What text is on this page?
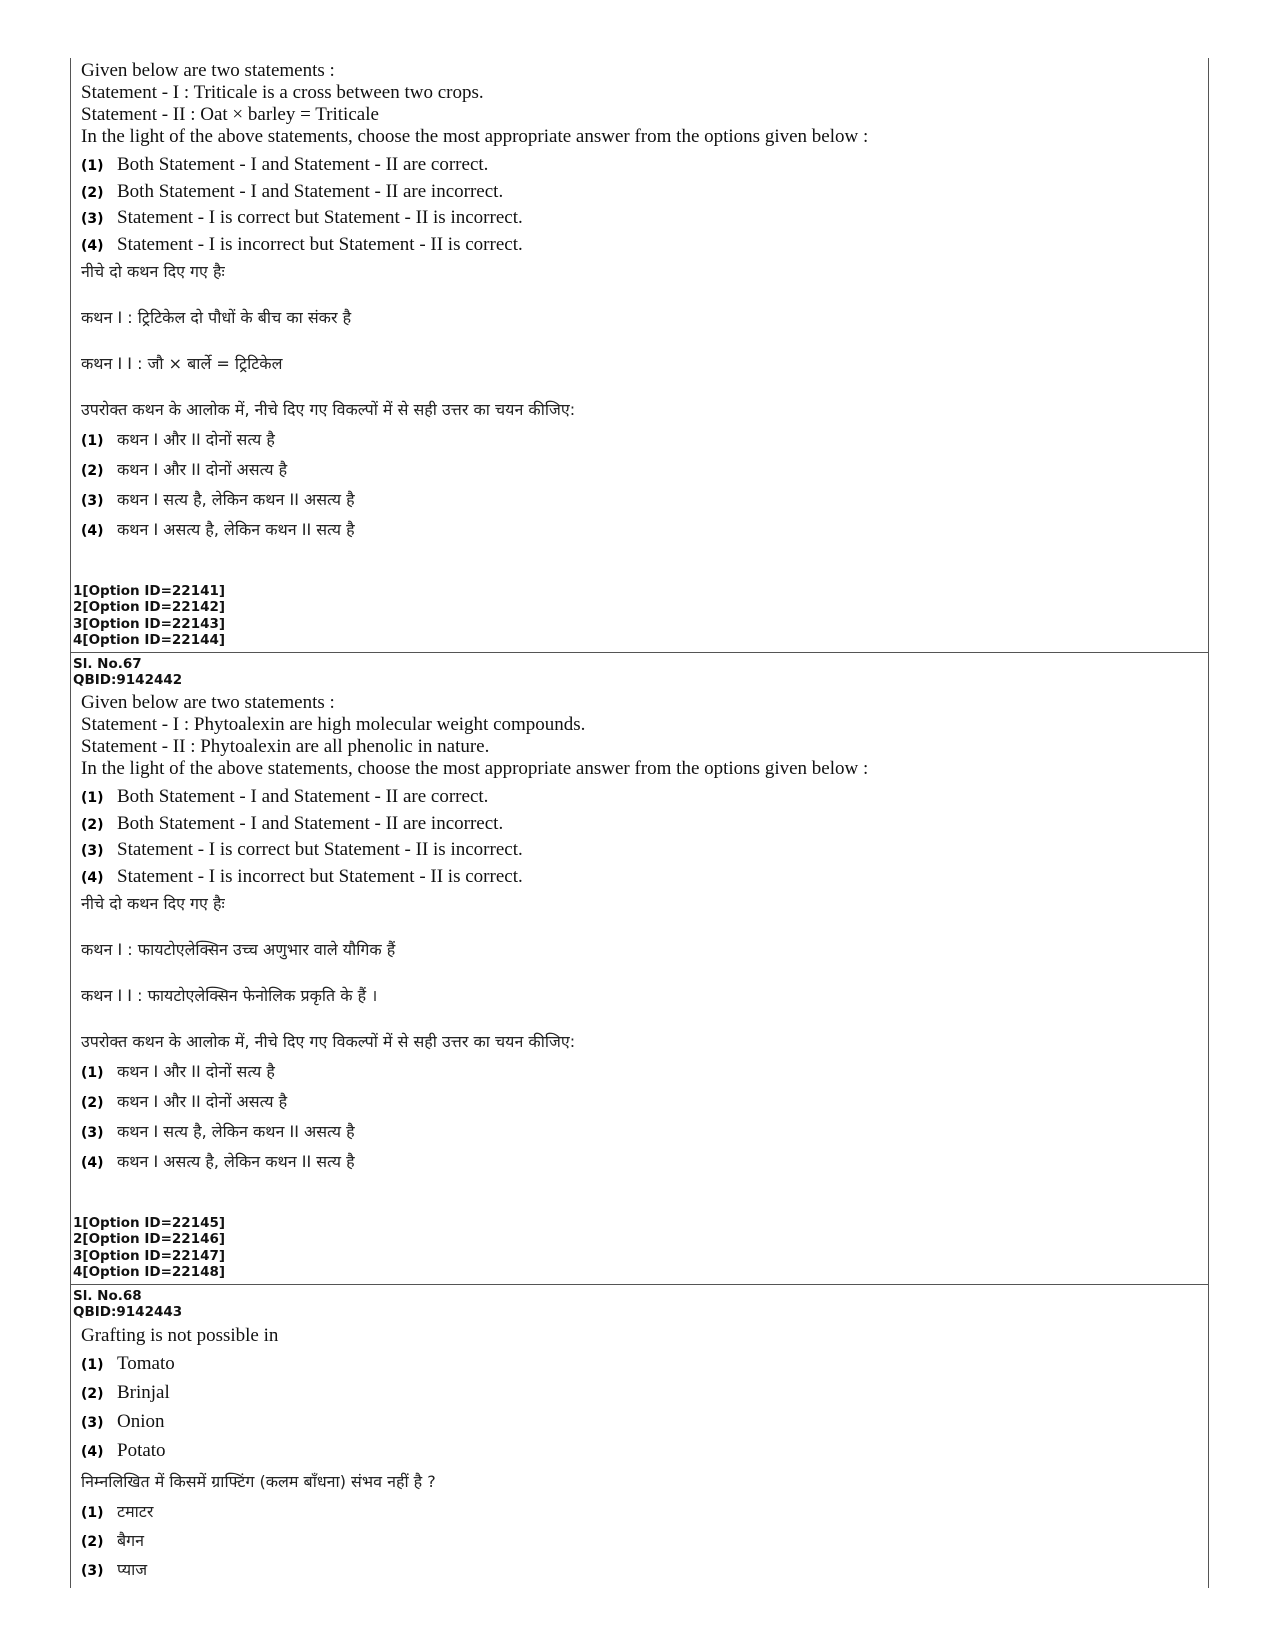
Given below are two statements :
Statement - I : Triticale is a cross between two crops.
Statement - II : Oat × barley = Triticale
In the light of the above statements, choose the most appropriate answer from the options given below :
(1) Both Statement - I and Statement - II are correct.
(2) Both Statement - I and Statement - II are incorrect.
(3) Statement - I is correct but Statement - II is incorrect.
(4) Statement - I is incorrect but Statement - II is correct.
नीचे दो कथन दिए गए हैः
कथन I : ट्रिटिकेल दो पौधों के बीच का संकर है
कथन I I : जौ × बार्ले = ट्रिटिकेल
उपरोक्त कथन के आलोक में, नीचे दिए गए विकल्पों में से सही उत्तर का चयन कीजिए:
(1) कथन I और II दोनों सत्य है
(2) कथन I और II दोनों असत्य है
(3) कथन I सत्य है, लेकिन कथन II असत्य है
(4) कथन I असत्य है, लेकिन कथन II सत्य है
1[Option ID=22141]
2[Option ID=22142]
3[Option ID=22143]
4[Option ID=22144]
Sl. No.67
QBID:9142442
Given below are two statements :
Statement - I : Phytoalexin are high molecular weight compounds.
Statement - II : Phytoalexin are all phenolic in nature.
In the light of the above statements, choose the most appropriate answer from the options given below :
(1) Both Statement - I and Statement - II are correct.
(2) Both Statement - I and Statement - II are incorrect.
(3) Statement - I is correct but Statement - II is incorrect.
(4) Statement - I is incorrect but Statement - II is correct.
नीचे दो कथन दिए गए हैः
कथन I : फायटोएलेक्सिन उच्च अणुभार वाले यौगिक हैं
कथन I I : फायटोएलेक्सिन फेनोलिक प्रकृति के हैं ।
उपरोक्त कथन के आलोक में, नीचे दिए गए विकल्पों में से सही उत्तर का चयन कीजिए:
(1) कथन I और II दोनों सत्य है
(2) कथन I और II दोनों असत्य है
(3) कथन I सत्य है, लेकिन कथन II असत्य है
(4) कथन I असत्य है, लेकिन कथन II सत्य है
1[Option ID=22145]
2[Option ID=22146]
3[Option ID=22147]
4[Option ID=22148]
Sl. No.68
QBID:9142443
Grafting is not possible in
(1) Tomato
(2) Brinjal
(3) Onion
(4) Potato
निम्नलिखित में किसमें ग्राफ्टिंग (कलम बाँधना) संभव नहीं है ?
(1) टमाटर
(2) बैगन
(3) प्याज
